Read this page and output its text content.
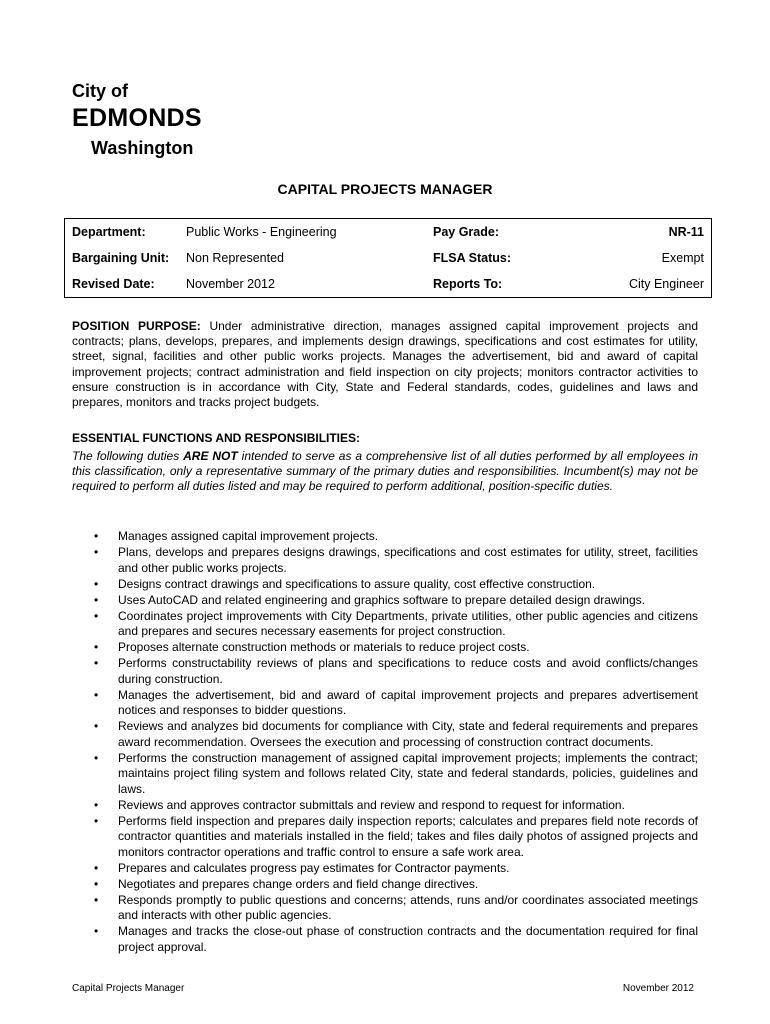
City of
EDMONDS
Washington
CAPITAL PROJECTS MANAGER
Department:	Public Works - Engineering	Pay Grade:	NR-11
Bargaining Unit:	Non Represented	FLSA Status:	Exempt
Revised Date:	November 2012	Reports To:	City Engineer
POSITION PURPOSE: Under administrative direction, manages assigned capital improvement projects and contracts; plans, develops, prepares, and implements design drawings, specifications and cost estimates for utility, street, signal, facilities and other public works projects. Manages the advertisement, bid and award of capital improvement projects; contract administration and field inspection on city projects; monitors contractor activities to ensure construction is in accordance with City, State and Federal standards, codes, guidelines and laws and prepares, monitors and tracks project budgets.
ESSENTIAL FUNCTIONS AND RESPONSIBILITIES:
The following duties ARE NOT intended to serve as a comprehensive list of all duties performed by all employees in this classification, only a representative summary of the primary duties and responsibilities. Incumbent(s) may not be required to perform all duties listed and may be required to perform additional, position-specific duties.
• Manages assigned capital improvement projects.
• Plans, develops and prepares designs drawings, specifications and cost estimates for utility, street, facilities and other public works projects.
• Designs contract drawings and specifications to assure quality, cost effective construction.
• Uses AutoCAD and related engineering and graphics software to prepare detailed design drawings.
• Coordinates project improvements with City Departments, private utilities, other public agencies and citizens and prepares and secures necessary easements for project construction.
• Proposes alternate construction methods or materials to reduce project costs.
• Performs constructability reviews of plans and specifications to reduce costs and avoid conflicts/changes during construction.
• Manages the advertisement, bid and award of capital improvement projects and prepares advertisement notices and responses to bidder questions.
• Reviews and analyzes bid documents for compliance with City, state and federal requirements and prepares award recommendation. Oversees the execution and processing of construction contract documents.
• Performs the construction management of assigned capital improvement projects; implements the contract; maintains project filing system and follows related City, state and federal standards, policies, guidelines and laws.
• Reviews and approves contractor submittals and review and respond to request for information.
• Performs field inspection and prepares daily inspection reports; calculates and prepares field note records of contractor quantities and materials installed in the field; takes and files daily photos of assigned projects and monitors contractor operations and traffic control to ensure a safe work area.
• Prepares and calculates progress pay estimates for Contractor payments.
• Negotiates and prepares change orders and field change directives.
• Responds promptly to public questions and concerns; attends, runs and/or coordinates associated meetings and interacts with other public agencies.
• Manages and tracks the close-out phase of construction contracts and the documentation required for final project approval.
Capital Projects Manager	November 2012
